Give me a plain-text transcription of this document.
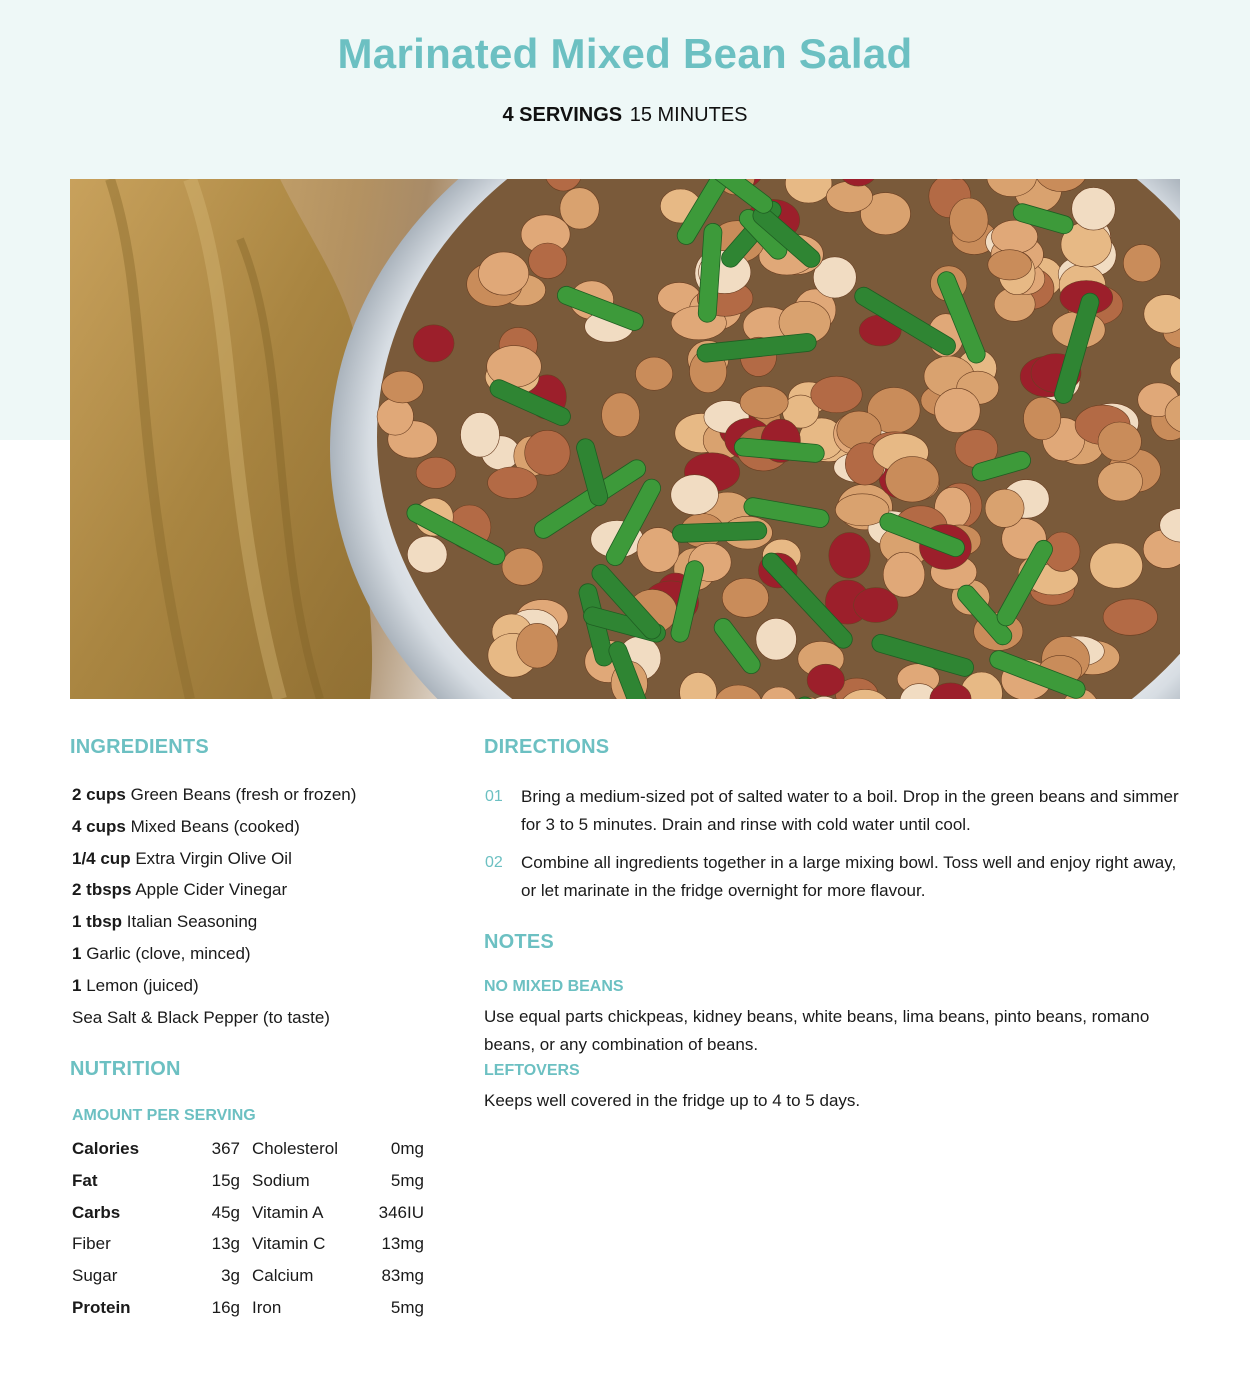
Marinated Mixed Bean Salad
4 SERVINGS 15 MINUTES
INGREDIENTS
2 cups Green Beans (fresh or frozen)
4 cups Mixed Beans (cooked)
1/4 cup Extra Virgin Olive Oil
2 tbsps Apple Cider Vinegar
1 tbsp Italian Seasoning
1 Garlic (clove, minced)
1 Lemon (juiced)
Sea Salt & Black Pepper (to taste)
NUTRITION
AMOUNT PER SERVING
Calories	367 Cholesterol	0mg
Fat	15g Sodium	5mg
Carbs	45g Vitamin A	346IU
Fiber	13g Vitamin C	13mg
Sugar	3g Calcium	83mg
Protein	16g Iron	5mg
DIRECTIONS
01 Bring a medium-sized pot of salted water to a boil. Drop in the green beans and simmer for 3 to 5 minutes. Drain and rinse with cold water until cool.
02 Combine all ingredients together in a large mixing bowl. Toss well and enjoy right away, or let marinate in the fridge overnight for more flavour.
NOTES
NO MIXED BEANS
Use equal parts chickpeas, kidney beans, white beans, lima beans, pinto beans, romano beans, or any combination of beans.
LEFTOVERS
Keeps well covered in the fridge up to 4 to 5 days.
